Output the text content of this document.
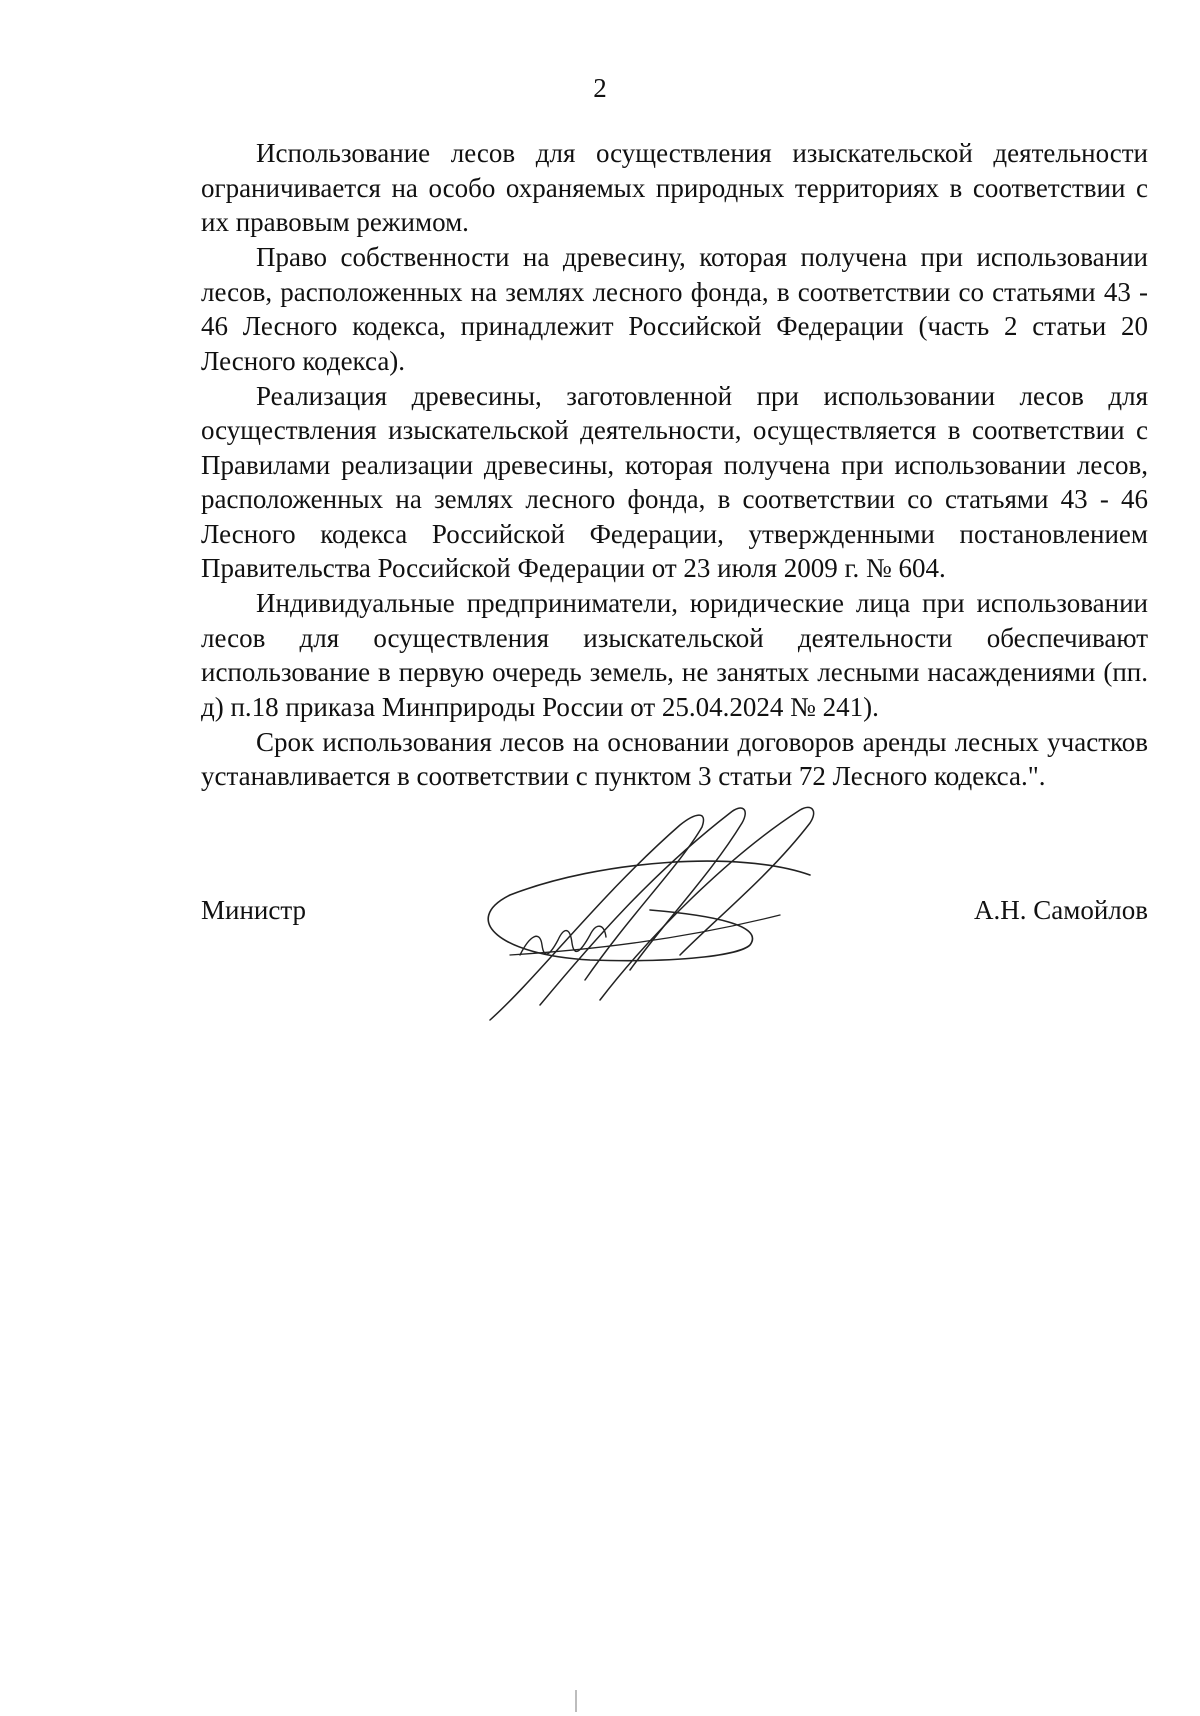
2

Использование лесов для осуществления изыскательской деятельности ограничивается на особо охраняемых природных территориях в соответствии с их правовым режимом.

Право собственности на древесину, которая получена при использовании лесов, расположенных на землях лесного фонда, в соответствии со статьями 43 - 46 Лесного кодекса, принадлежит Российской Федерации (часть 2 статьи 20 Лесного кодекса).

Реализация древесины, заготовленной при использовании лесов для осуществления изыскательской деятельности, осуществляется в соответствии с Правилами реализации древесины, которая получена при использовании лесов, расположенных на землях лесного фонда, в соответствии со статьями 43 - 46 Лесного кодекса Российской Федерации, утвержденными постановлением Правительства Российской Федерации от 23 июля 2009 г. № 604.

Индивидуальные предприниматели, юридические лица при использовании лесов для осуществления изыскательской деятельности обеспечивают использование в первую очередь земель, не занятых лесными насаждениями (пп. д) п.18 приказа Минприроды России от 25.04.2024 № 241).

Срок использования лесов на основании договоров аренды лесных участков устанавливается в соответствии с пунктом 3 статьи 72 Лесного кодекса.".

Министр	А.Н. Самойлов
